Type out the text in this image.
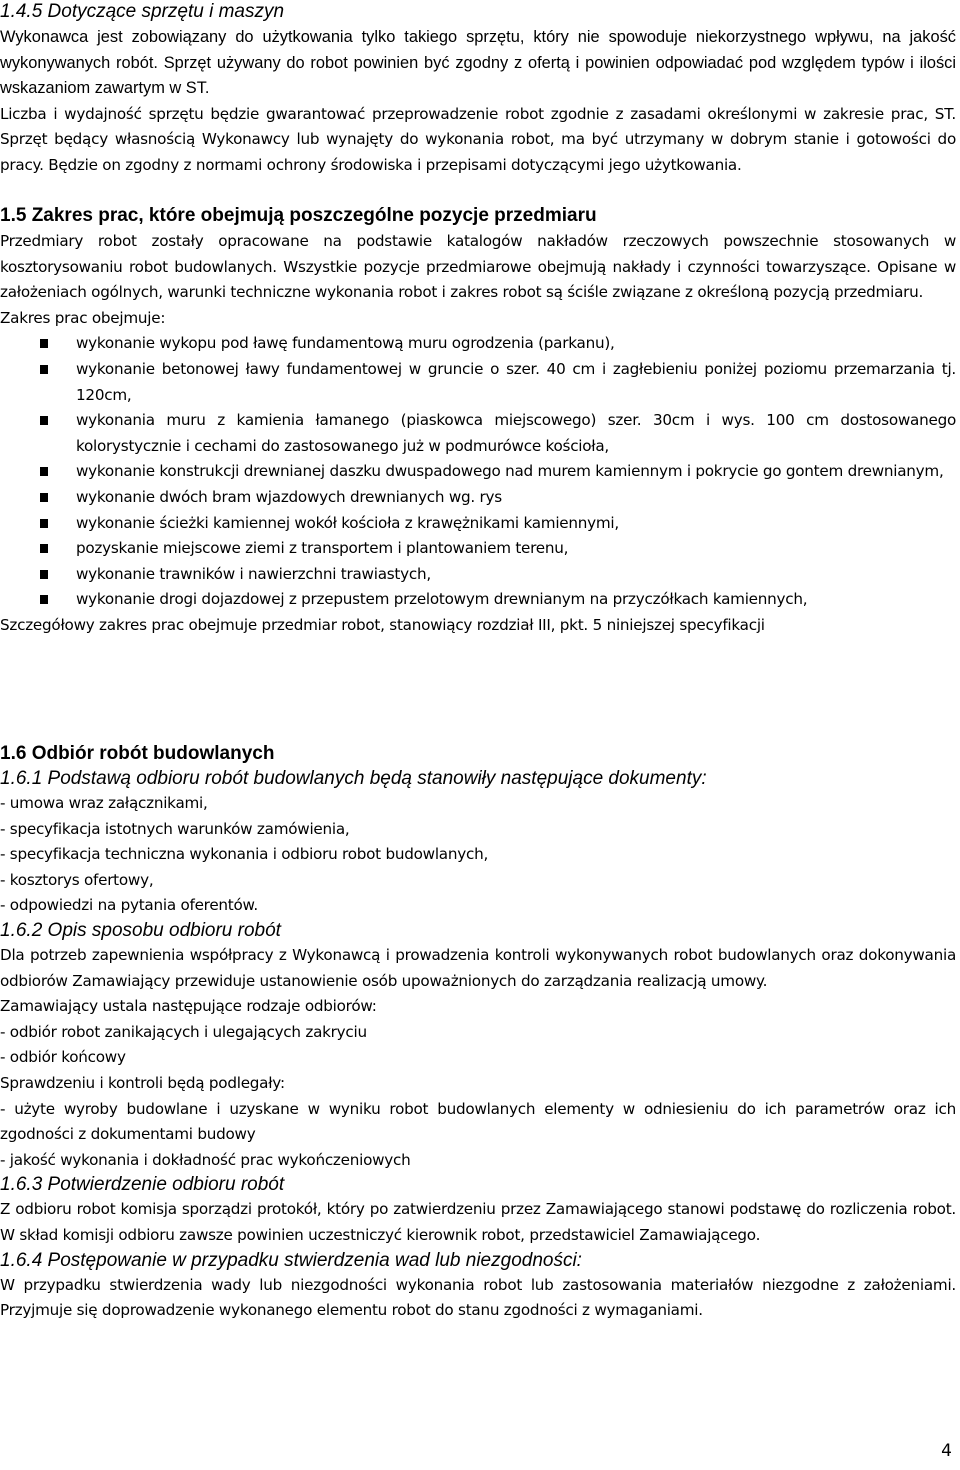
1.4.5 Dotyczące sprzętu i maszyn

Wykonawca jest zobowiązany do użytkowania tylko takiego sprzętu, który nie spowoduje niekorzystnego wpływu, na jakość wykonywanych robót. Sprzęt używany do robot powinien być zgodny z ofertą i powinien odpowiadać pod względem typów i ilości wskazaniom zawartym w ST.

Liczba i wydajność sprzętu będzie gwarantować przeprowadzenie robot zgodnie z zasadami określonymi w zakresie prac, ST. Sprzęt będący własnością Wykonawcy lub wynajęty do wykonania robot, ma być utrzymany w dobrym stanie i gotowości do pracy. Będzie on zgodny z normami ochrony środowiska i przepisami dotyczącymi jego użytkowania.

1.5 Zakres prac, które obejmują poszczególne pozycje przedmiaru

Przedmiary robot zostały opracowane na podstawie katalogów nakładów rzeczowych powszechnie stosowanych w kosztorysowaniu robot budowlanych. Wszystkie pozycje przedmiarowe obejmują nakłady i czynności towarzyszące. Opisane w założeniach ogólnych, warunki techniczne wykonania robot i zakres robot są ściśle związane z określoną pozycją przedmiaru.

Zakres prac obejmuje:

wykonanie wykopu pod ławę fundamentową muru ogrodzenia (parkanu),
wykonanie betonowej ławy fundamentowej w gruncie o szer. 40 cm i zagłebieniu poniżej poziomu przemarzania tj. 120cm,
wykonania muru z kamienia łamanego (piaskowca miejscowego) szer. 30cm i wys. 100 cm dostosowanego kolorystycznie i cechami do zastosowanego już w podmurówce kościoła,
wykonanie konstrukcji drewnianej daszku dwuspadowego nad murem kamiennym i pokrycie go gontem drewnianym,
wykonanie dwóch bram wjazdowych drewnianych wg. rys
wykonanie ścieżki kamiennej wokół kościoła z krawężnikami kamiennymi,
pozyskanie miejscowe ziemi z transportem i plantowaniem terenu,
wykonanie trawników i nawierzchni trawiastych,
wykonanie drogi dojazdowej z przepustem przelotowym drewnianym na przyczółkach kamiennych,

Szczegółowy zakres prac obejmuje przedmiar robot, stanowiący rozdział III, pkt. 5 niniejszej specyfikacji

1.6 Odbiór robót budowlanych

1.6.1 Podstawą odbioru robót budowlanych będą stanowiły następujące dokumenty:

- umowa wraz załącznikami,
- specyfikacja istotnych warunków zamówienia,
- specyfikacja techniczna wykonania i odbioru robot budowlanych,
- kosztorys ofertowy,
- odpowiedzi na pytania oferentów.

1.6.2 Opis sposobu odbioru robót

Dla potrzeb zapewnienia współpracy z Wykonawcą i prowadzenia kontroli wykonywanych robot budowlanych oraz dokonywania odbiorów Zamawiający przewiduje ustanowienie osób upoważnionych do zarządzania realizacją umowy.

Zamawiający ustala następujące rodzaje odbiorów:

- odbiór robot zanikających i ulegających zakryciu
- odbiór końcowy

Sprawdzeniu i kontroli będą podlegały:

- użyte wyroby budowlane i uzyskane w wyniku robot budowlanych elementy w odniesieniu do ich parametrów oraz ich zgodności z dokumentami budowy
- jakość wykonania i dokładność prac wykończeniowych

1.6.3 Potwierdzenie odbioru robót

Z odbioru robot komisja sporządzi protokół, który po zatwierdzeniu przez Zamawiającego stanowi podstawę do rozliczenia robot. W skład komisji odbioru zawsze powinien uczestniczyć kierownik robot, przedstawiciel Zamawiającego.

1.6.4 Postępowanie w przypadku stwierdzenia wad lub niezgodności:

W przypadku stwierdzenia wady lub niezgodności wykonania robot lub zastosowania materiałów niezgodne z założeniami. Przyjmuje się doprowadzenie wykonanego elementu robot do stanu zgodności z wymaganiami.

4
